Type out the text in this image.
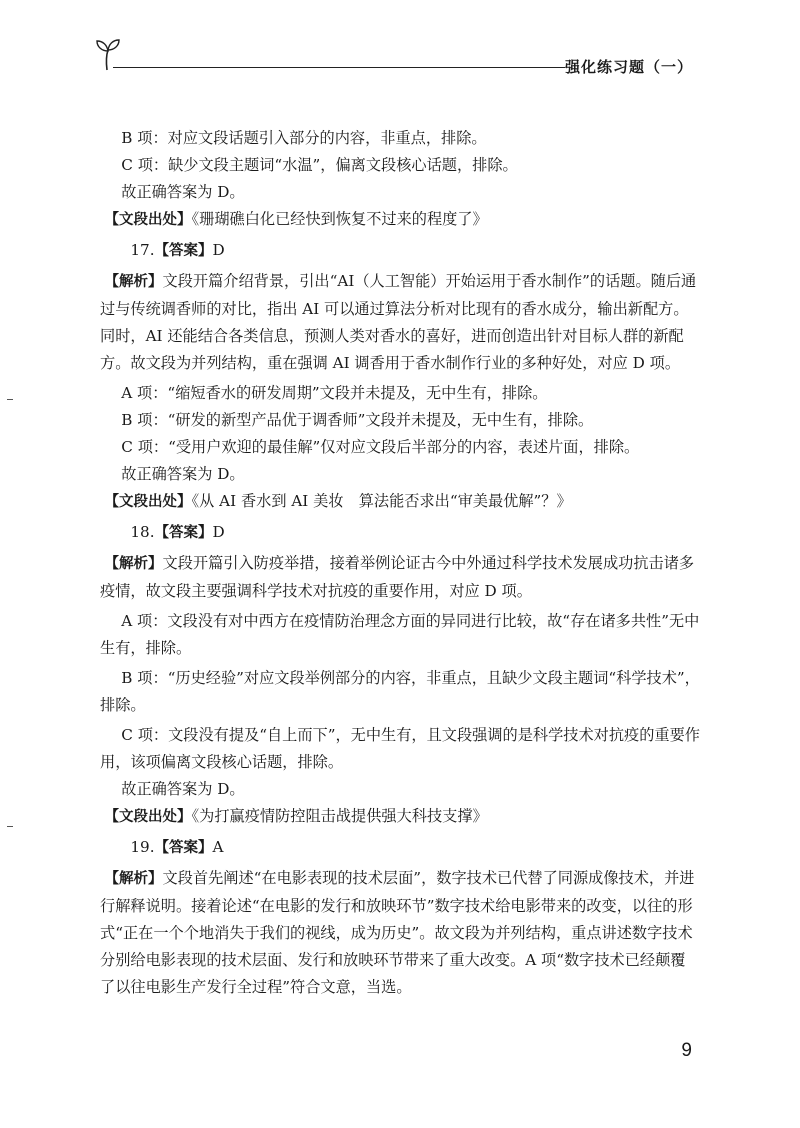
强化练习题（一）

B 项：对应文段话题引入部分的内容，非重点，排除。

C 项：缺少文段主题词“水温”，偏离文段核心话题，排除。

故正确答案为 D。

【文段出处】《珊瑚礁白化已经快到恢复不过来的程度了》

17.【答案】D

【解析】文段开篇介绍背景，引出“AI（人工智能）开始运用于香水制作”的话题。随后通过与传统调香师的对比，指出 AI 可以通过算法分析对比现有的香水成分，输出新配方。同时，AI 还能结合各类信息，预测人类对香水的喜好，进而创造出针对目标人群的新配方。故文段为并列结构，重在强调 AI 调香用于香水制作行业的多种好处，对应 D 项。

A 项：“缩短香水的研发周期”文段并未提及，无中生有，排除。

B 项：“研发的新型产品优于调香师”文段并未提及，无中生有，排除。

C 项：“受用户欢迎的最佳解”仅对应文段后半部分的内容，表述片面，排除。

故正确答案为 D。

【文段出处】《从 AI 香水到 AI 美妆　算法能否求出“审美最优解”？》

18.【答案】D

【解析】文段开篇引入防疫举措，接着举例论证古今中外通过科学技术发展成功抗击诸多疫情，故文段主要强调科学技术对抗疫的重要作用，对应 D 项。

A 项：文段没有对中西方在疫情防治理念方面的异同进行比较，故“存在诸多共性”无中生有，排除。

B 项：“历史经验”对应文段举例部分的内容，非重点，且缺少文段主题词“科学技术”，排除。

C 项：文段没有提及“自上而下”，无中生有，且文段强调的是科学技术对抗疫的重要作用，该项偏离文段核心话题，排除。

故正确答案为 D。

【文段出处】《为打赢疫情防控阻击战提供强大科技支撑》

19.【答案】A

【解析】文段首先阐述“在电影表现的技术层面”，数字技术已代替了同源成像技术，并进行解释说明。接着论述“在电影的发行和放映环节”数字技术给电影带来的改变，以往的形式“正在一个个地消失于我们的视线，成为历史”。故文段为并列结构，重点讲述数字技术分别给电影表现的技术层面、发行和放映环节带来了重大改变。A 项“数字技术已经颠覆了以往电影生产发行全过程”符合文意，当选。

9
